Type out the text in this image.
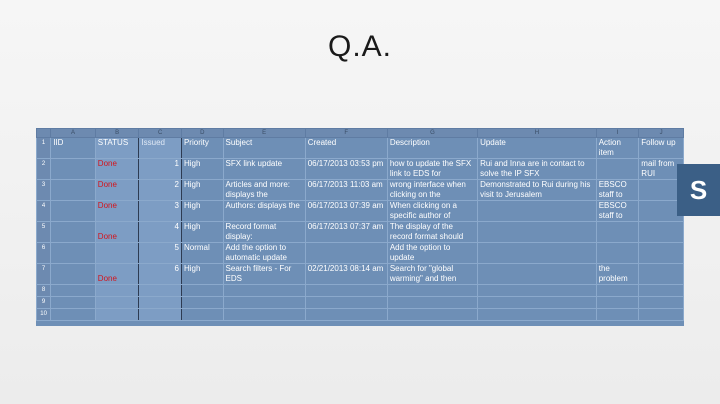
Q.A.
	A	B	C	D	E	F	G	H	I	J
1	IID	STATUS	Issued	Priority	Subject	Created	Description	Update	Action item	Follow up
2		Done	1	High	SFX link update	06/17/2013 03:53 pm	how to update the SFX link to EDS for	Rui and Inna are in contact to solve the IP SFX		mail from RUI
3		Done	2	High	Articles and more: displays the	06/17/2013 11:03 am	wrong interface when clicking on the	Demonstrated to Rui during his visit to Jerusalem	EBSCO staff to	
4		Done	3	High	Authors: displays the	06/17/2013 07:39 am	When clicking on a specific author of		EBSCO staff to	
5		Done	4	High	Record format display:	06/17/2013 07:37 am	The display of the record format should			
6			5	Normal	Add the option to automatic update		Add the option to update			
7		Done	6	High	Search filters - For EDS	02/21/2013 08:14 am	Search for "global warming" and then		the problem	
8										
9										
10										
S
